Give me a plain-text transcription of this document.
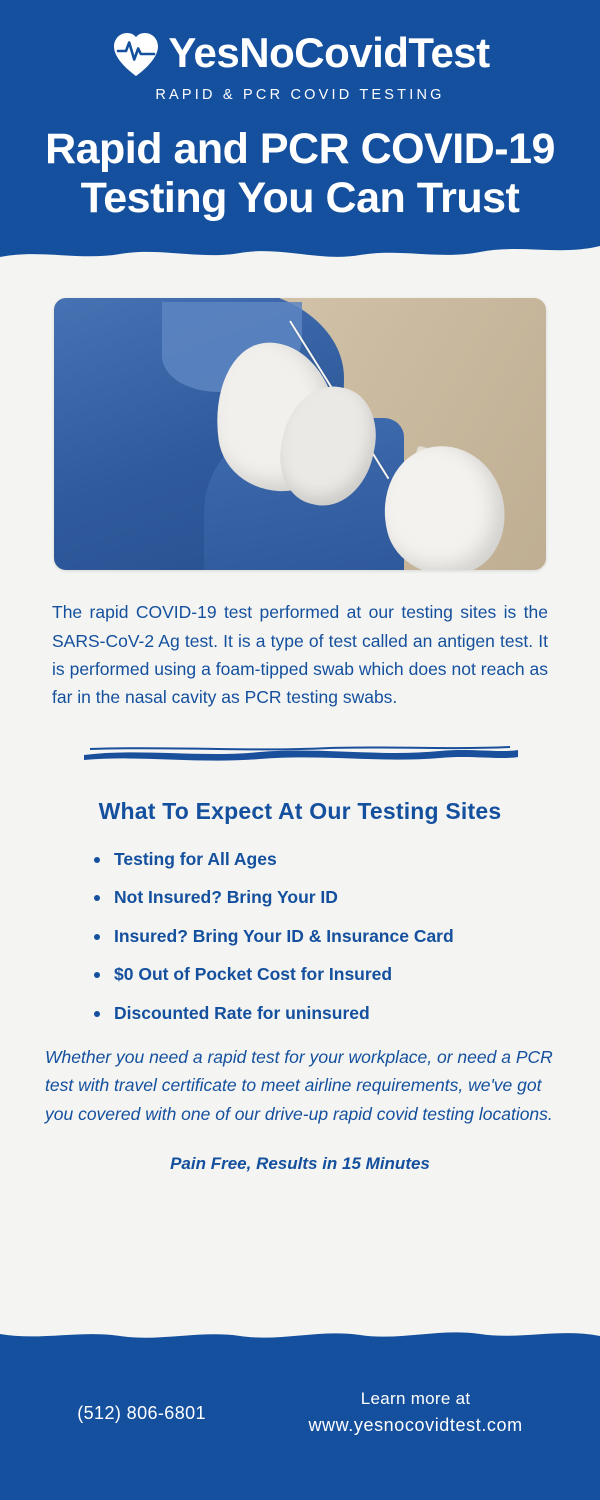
YesNoCovidTest
RAPID & PCR COVID TESTING
Rapid and PCR COVID-19 Testing You Can Trust

The rapid COVID-19 test performed at our testing sites is the SARS-CoV-2 Ag test. It is a type of test called an antigen test. It is performed using a foam-tipped swab which does not reach as far in the nasal cavity as PCR testing swabs.

What To Expect At Our Testing Sites
Testing for All Ages
Not Insured? Bring Your ID
Insured? Bring Your ID & Insurance Card
$0 Out of Pocket Cost for Insured
Discounted Rate for uninsured

Whether you need a rapid test for your workplace, or need a PCR test with travel certificate to meet airline requirements, we've got you covered with one of our drive-up rapid covid testing locations.

Pain Free, Results in 15 Minutes

(512) 806-6801
Learn more at
www.yesnocovidtest.com
